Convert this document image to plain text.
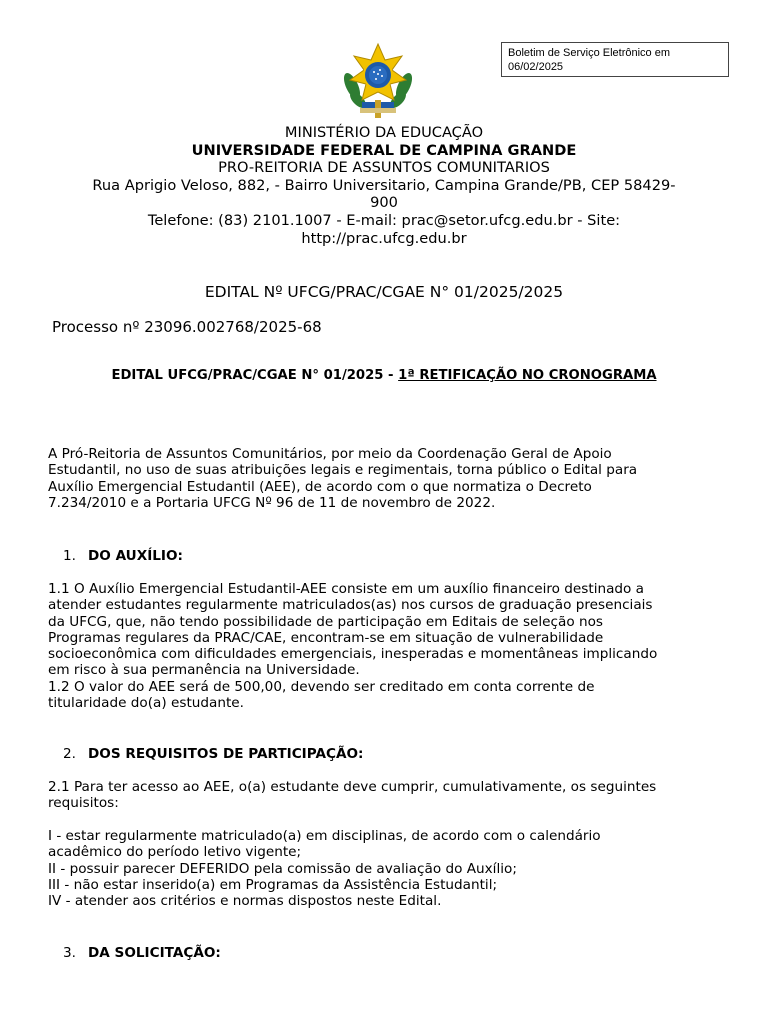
Boletim de Serviço Eletrônico em
06/02/2025
MINISTÉRIO DA EDUCAÇÃO
UNIVERSIDADE FEDERAL DE CAMPINA GRANDE
PRO-REITORIA DE ASSUNTOS COMUNITARIOS
Rua Aprigio Veloso, 882, - Bairro Universitario, Campina Grande/PB, CEP 58429-
900
Telefone: (83) 2101.1007 - E-mail: prac@setor.ufcg.edu.br - Site:
http://prac.ufcg.edu.br
EDITAL Nº UFCG/PRAC/CGAE N° 01/2025/2025
Processo nº 23096.002768/2025-68
EDITAL UFCG/PRAC/CGAE N° 01/2025 - 1ª RETIFICAÇÃO NO CRONOGRAMA
A Pró-Reitoria de Assuntos Comunitários, por meio da Coordenação Geral de Apoio
Estudantil, no uso de suas atribuições legais e regimentais, torna público o Edital para
Auxílio Emergencial Estudantil (AEE), de acordo com o que normatiza o Decreto
7.234/2010 e a Portaria UFCG Nº 96 de 11 de novembro de 2022.
1. DO AUXÍLIO:
1.1 O Auxílio Emergencial Estudantil-AEE consiste em um auxílio financeiro destinado a
atender estudantes regularmente matriculados(as) nos cursos de graduação presenciais
da UFCG, que, não tendo possibilidade de participação em Editais de seleção nos
Programas regulares da PRAC/CAE, encontram-se em situação de vulnerabilidade
socioeconômica com dificuldades emergenciais, inesperadas e momentâneas implicando
em risco à sua permanência na Universidade.
1.2 O valor do AEE será de 500,00, devendo ser creditado em conta corrente de
titularidade do(a) estudante.
2. DOS REQUISITOS DE PARTICIPAÇÃO:
2.1 Para ter acesso ao AEE, o(a) estudante deve cumprir, cumulativamente, os seguintes
requisitos:
I - estar regularmente matriculado(a) em disciplinas, de acordo com o calendário
acadêmico do período letivo vigente;
II - possuir parecer DEFERIDO pela comissão de avaliação do Auxílio;
III - não estar inserido(a) em Programas da Assistência Estudantil;
IV - atender aos critérios e normas dispostos neste Edital.
3. DA SOLICITAÇÃO:
